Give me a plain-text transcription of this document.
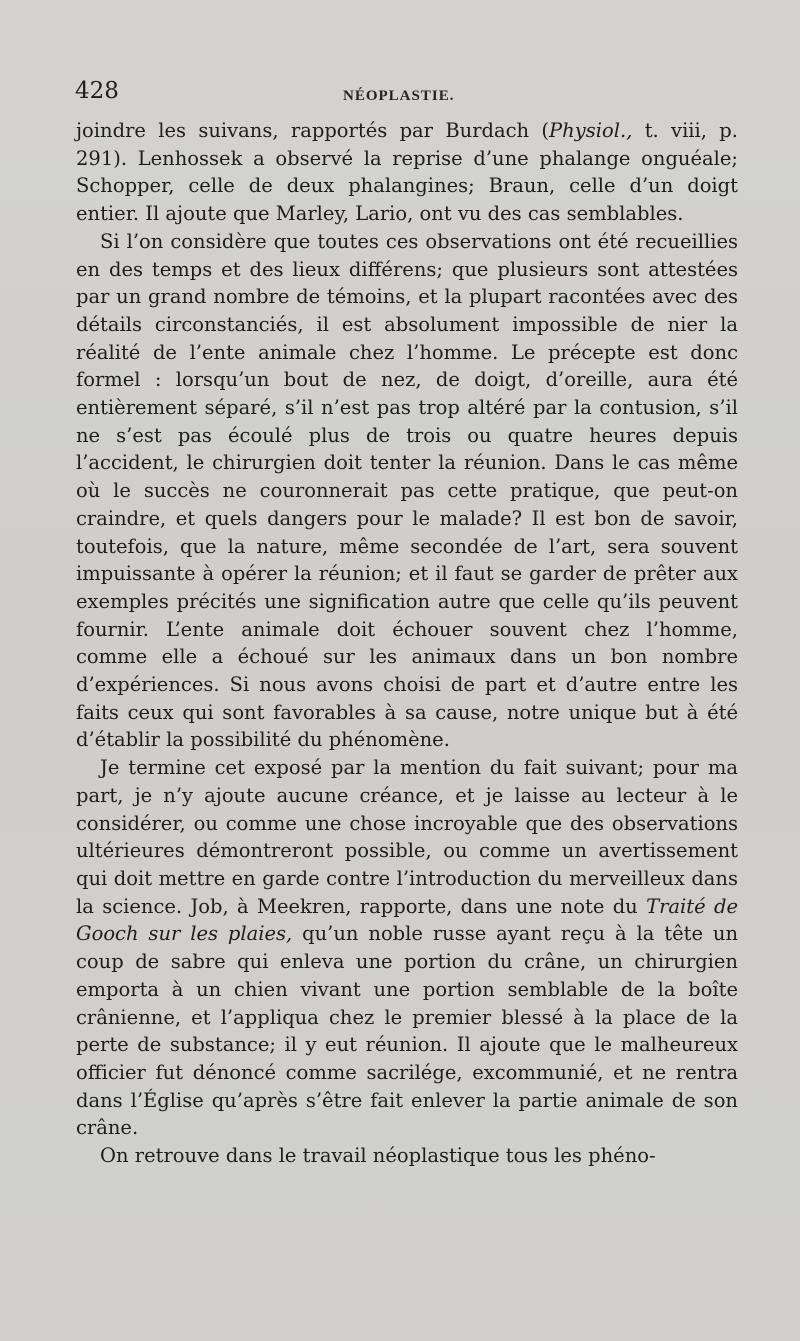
428	NÉOPLASTIE.

joindre les suivans, rapportés par Burdach (Physiol., t. viii, p. 291). Lenhossek a observé la reprise d’une phalange onguéale; Schopper, celle de deux phalangines; Braun, celle d’un doigt entier. Il ajoute que Marley, Lario, ont vu des cas semblables.

Si l’on considère que toutes ces observations ont été recueillies en des temps et des lieux différens; que plusieurs sont attestées par un grand nombre de témoins, et la plupart racontées avec des détails circonstanciés, il est absolument impossible de nier la réalité de l’ente animale chez l’homme. Le précepte est donc formel : lorsqu’un bout de nez, de doigt, d’oreille, aura été entièrement séparé, s’il n’est pas trop altéré par la contusion, s’il ne s’est pas écoulé plus de trois ou quatre heures depuis l’accident, le chirurgien doit tenter la réunion. Dans le cas même où le succès ne couronnerait pas cette pratique, que peut-on craindre, et quels dangers pour le malade? Il est bon de savoir, toutefois, que la nature, même secondée de l’art, sera souvent impuissante à opérer la réunion; et il faut se garder de prêter aux exemples précités une signification autre que celle qu’ils peuvent fournir. L’ente animale doit échouer souvent chez l’homme, comme elle a échoué sur les animaux dans un bon nombre d’expériences. Si nous avons choisi de part et d’autre entre les faits ceux qui sont favorables à sa cause, notre unique but à été d’établir la possibilité du phénomène.

Je termine cet exposé par la mention du fait suivant; pour ma part, je n’y ajoute aucune créance, et je laisse au lecteur à le considérer, ou comme une chose incroyable que des observations ultérieures démontreront possible, ou comme un avertissement qui doit mettre en garde contre l’introduction du merveilleux dans la science. Job, à Meekren, rapporte, dans une note du Traité de Gooch sur les plaies, qu’un noble russe ayant reçu à la tête un coup de sabre qui enleva une portion du crâne, un chirurgien emporta à un chien vivant une portion semblable de la boîte crânienne, et l’appliqua chez le premier blessé à la place de la perte de substance; il y eut réunion. Il ajoute que le malheureux officier fut dénoncé comme sacrilége, excommunié, et ne rentra dans l’Église qu’après s’être fait enlever la partie animale de son crâne.

On retrouve dans le travail néoplastique tous les phéno-
